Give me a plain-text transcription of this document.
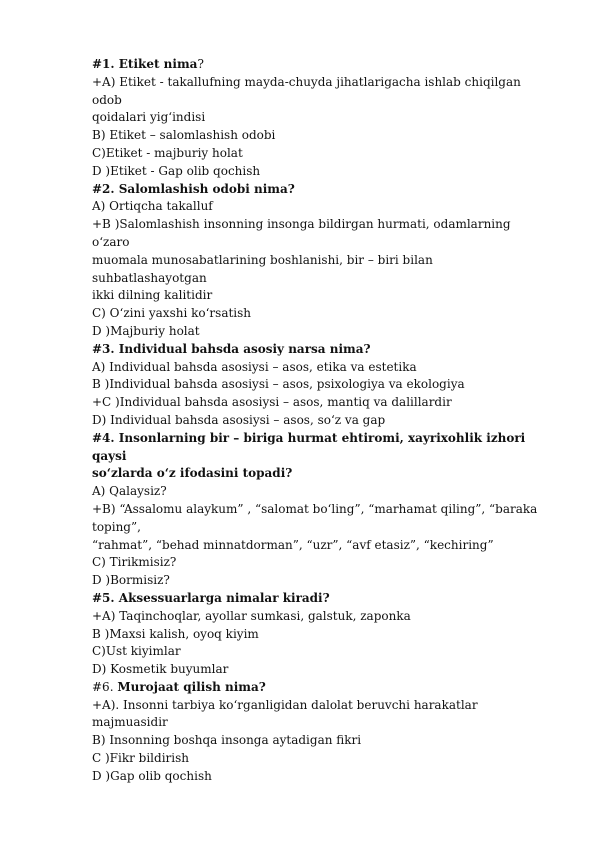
#1. Etiket nima?
+A) Etiket - takallufning mayda-chuyda jihatlarigacha ishlab chiqilgan
odob
qoidalari yig‘indisi
B) Etiket – salomlashish odobi
C)Etiket - majburiy holat
D )Etiket - Gap olib qochish
#2. Salomlashish odobi nima?
A) Ortiqcha takalluf
+B )Salomlashish insonning insonga bildirgan hurmati, odamlarning
o‘zaro
muomala munosabatlarining boshlanishi, bir – biri bilan
suhbatlashayotgan
ikki dilning kalitidir
C) O‘zini yaxshi ko‘rsatish
D )Majburiy holat
#3. Individual bahsda asosiy narsa nima?
A) Individual bahsda asosiysi – asos, etika va estetika
B )Individual bahsda asosiysi – asos, psixologiya va ekologiya
+C )Individual bahsda asosiysi – asos, mantiq va dalillardir
D) Individual bahsda asosiysi – asos, so‘z va gap
#4. Insonlarning bir – biriga hurmat ehtiromi, xayrixohlik izhori
qaysi
so‘zlarda o‘z ifodasini topadi?
A) Qalaysiz?
+B) “Assalomu alaykum” , “salomat bo‘ling”, “marhamat qiling”, “baraka
toping”,
“rahmat”, “behad minnatdorman”, “uzr”, “avf etasiz”, “kechiring”
C) Tirikmisiz?
D )Bormisiz?
#5. Aksessuarlarga nimalar kiradi?
+A) Taqinchoqlar, ayollar sumkasi, galstuk, zaponka
B )Maxsi kalish, oyoq kiyim
C)Ust kiyimlar
D) Kosmetik buyumlar
#6. Murojaat qilish nima?
+A). Insonni tarbiya ko‘rganligidan dalolat beruvchi harakatlar
majmuasidir
B) Insonning boshqa insonga aytadigan fikri
C )Fikr bildirish
D )Gap olib qochish
